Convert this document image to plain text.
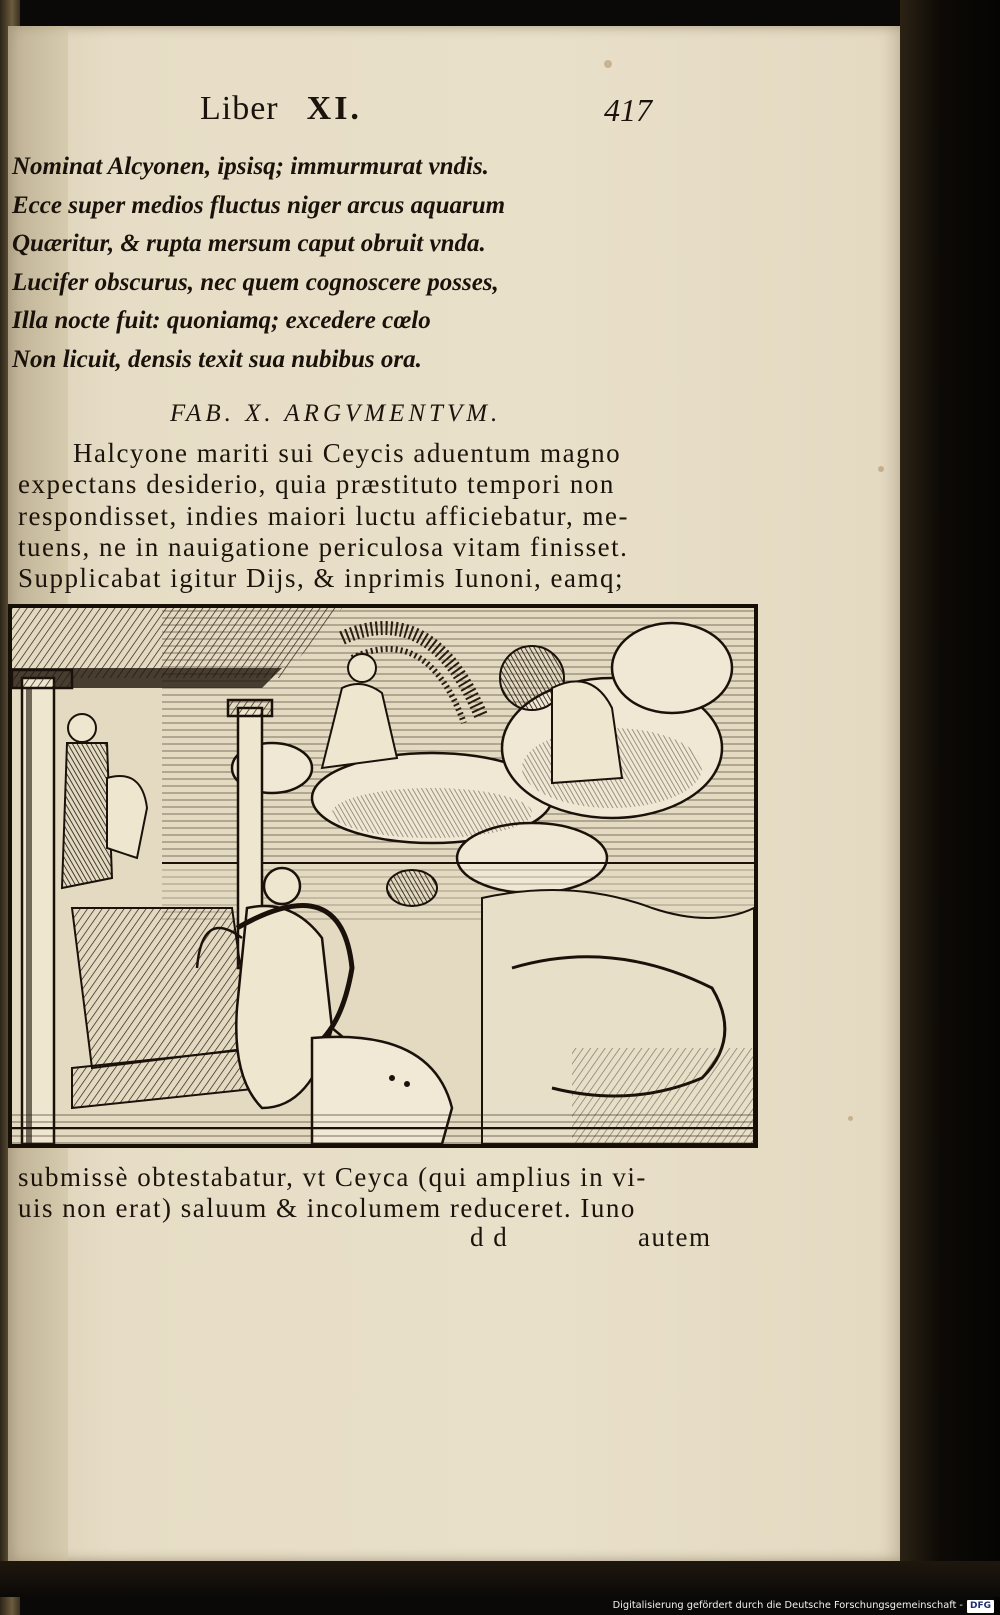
Liber XI.	417
Nominat Alcyonen, ipsisq; immurmurat vndis.
Ecce super medios fluctus niger arcus aquarum
Quæritur, & rupta mersum caput obruit vnda.
Lucifer obscurus, nec quem cognoscere posses,
Illa nocte fuit: quoniamq; excedere cœlo
Non licuit, densis texit sua nubibus ora.
FAB. X. ARGVMENTVM.
Halcyone mariti sui Ceycis aduentum magno
expectans desiderio, quia præstituto tempori non
respondisset, indies maiori luctu afficiebatur, me-
tuens, ne in nauigatione periculosa vitam finisset.
Supplicabat igitur Dijs, & inprimis Iunoni, eamq;
submissè obtestabatur, vt Ceyca (qui amplius in vi-
uis non erat) saluum & incolumem reduceret. Iuno
d d	autem
Digitalisierung gefördert durch die Deutsche Forschungsgemeinschaft - DFG
